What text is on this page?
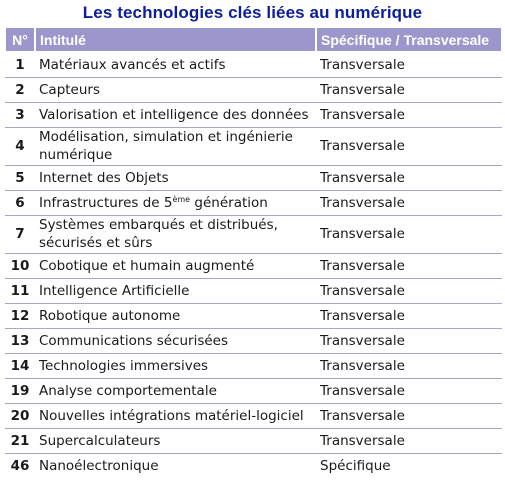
Les technologies clés liées au numérique
N°	Intitulé	Spécifique / Transversale
1	Matériaux avancés et actifs	Transversale
2	Capteurs	Transversale
3	Valorisation et intelligence des données	Transversale
4	Modélisation, simulation et ingénierie
numérique	Transversale
5	Internet des Objets	Transversale
6	Infrastructures de 5ème génération	Transversale
7	Systèmes embarqués et distribués,
sécurisés et sûrs	Transversale
10	Cobotique et humain augmenté	Transversale
11	Intelligence Artificielle	Transversale
12	Robotique autonome	Transversale
13	Communications sécurisées	Transversale
14	Technologies immersives	Transversale
19	Analyse comportementale	Transversale
20	Nouvelles intégrations matériel-logiciel	Transversale
21	Supercalculateurs	Transversale
46	Nanoélectronique	Spécifique
